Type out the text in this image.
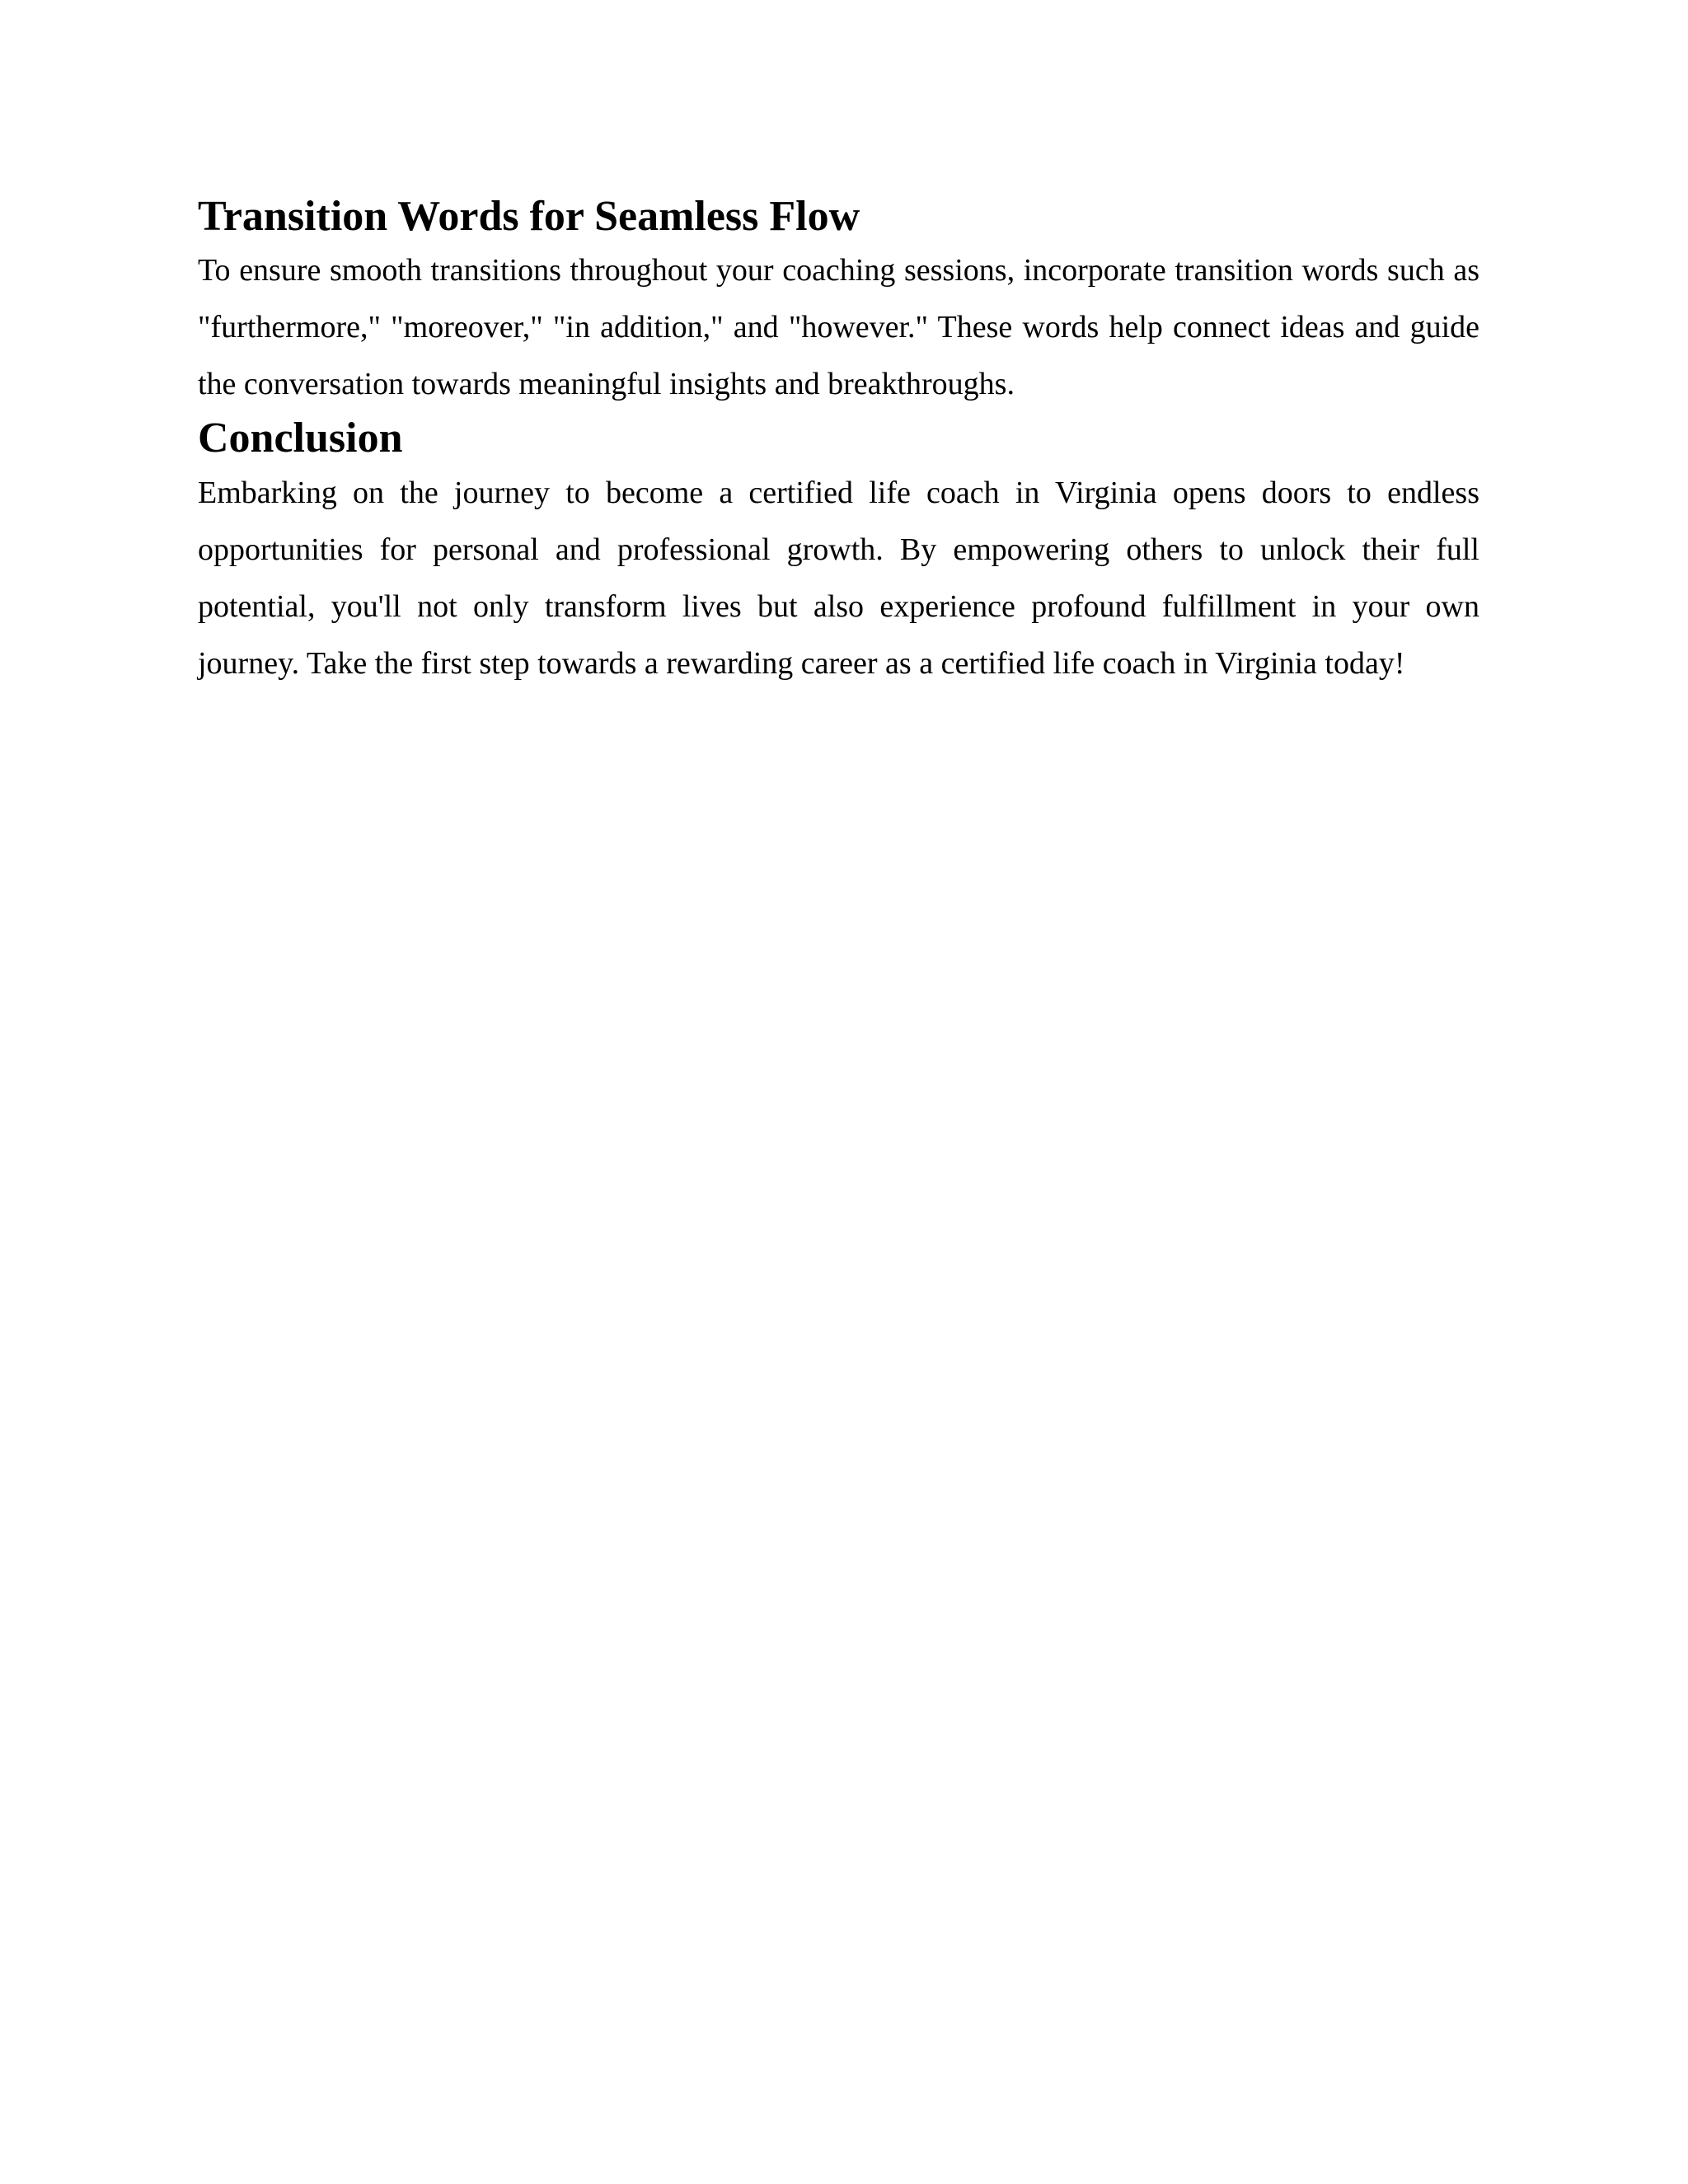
Transition Words for Seamless Flow

To ensure smooth transitions throughout your coaching sessions, incorporate transition words such as "furthermore," "moreover," "in addition," and "however." These words help connect ideas and guide the conversation towards meaningful insights and breakthroughs.

Conclusion

Embarking on the journey to become a certified life coach in Virginia opens doors to endless opportunities for personal and professional growth. By empowering others to unlock their full potential, you'll not only transform lives but also experience profound fulfillment in your own journey. Take the first step towards a rewarding career as a certified life coach in Virginia today!
